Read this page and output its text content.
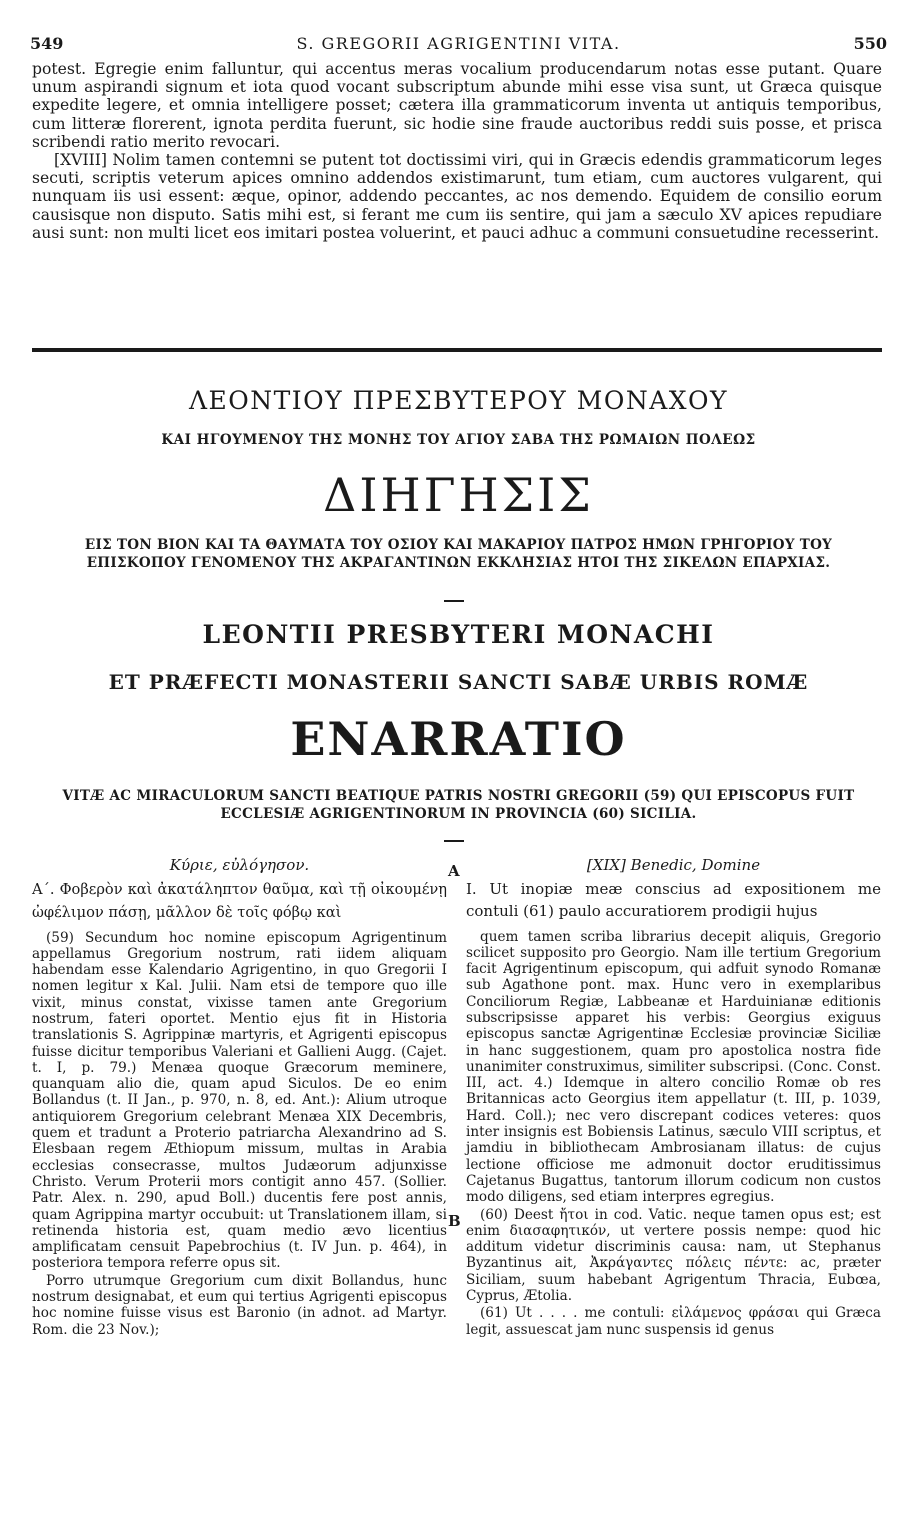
549	S. GREGORII AGRIGENTINI VITA.	550

potest. Egregie enim falluntur, qui accentus meras vocalium producendarum notas esse putant. Quare unum aspirandi signum et iota quod vocant subscriptum abunde mihi esse visa sunt, ut Græca quisque expedite legere, et omnia intelligere posset; cætera illa grammaticorum inventa ut antiquis temporibus, cum litteræ florerent, ignota perdita fuerunt, sic hodie sine fraude auctoribus reddi suis posse, et prisca scribendi ratio merito revocari.

[XVIII] Nolim tamen contemni se putent tot doctissimi viri, qui in Græcis edendis grammaticorum leges secuti, scriptis veterum apices omnino addendos existimarunt, tum etiam, cum auctores vulgarent, qui nunquam iis usi essent: æque, opinor, addendo peccantes, ac nos demendo. Equidem de consilio eorum causisque non disputo. Satis mihi est, si ferant me cum iis sentire, qui jam a sæculo XV apices repudiare ausi sunt: non multi licet eos imitari postea voluerint, et pauci adhuc a communi consuetudine recesserint.

ΛΕΟΝΤΙΟΥ ΠΡΕΣΒΥΤΕΡΟΥ ΜΟΝΑΧΟΥ
ΚΑΙ ΗΓΟΥΜΕΝΟΥ ΤΗΣ ΜΟΝΗΣ ΤΟΥ ΑΓΙΟΥ ΣΑΒΑ ΤΗΣ ΡΩΜΑΙΩΝ ΠΟΛΕΩΣ
ΔΙΗΓΗΣΙΣ
ΕΙΣ ΤΟΝ ΒΙΟΝ ΚΑΙ ΤΑ ΘΑΥΜΑΤΑ ΤΟΥ ΟΣΙΟΥ ΚΑΙ ΜΑΚΑΡΙΟΥ ΠΑΤΡΟΣ ΗΜΩΝ ΓΡΗΓΟΡΙΟΥ ΤΟΥ
ΕΠΙΣΚΟΠΟΥ ΓΕΝΟΜΕΝΟΥ ΤΗΣ ΑΚΡΑΓΑΝΤΙΝΩΝ ΕΚΚΛΗΣΙΑΣ ΗΤΟΙ ΤΗΣ ΣΙΚΕΛΩΝ ΕΠΑΡΧΙΑΣ.
LEONTII PRESBYTERI MONACHI
ET PRÆFECTI MONASTERII SANCTI SABÆ URBIS ROMÆ
ENARRATIO
VITÆ AC MIRACULORUM SANCTI BEATIQUE PATRIS NOSTRI GREGORII (59) QUI EPISCOPUS FUIT
ECCLESIÆ AGRIGENTINORUM IN PROVINCIA (60) SICILIA.
A
B

Κύριε, εὐλόγησον.

Α΄. Φοβερὸν καὶ ἀκατάληπτον θαῦμα, καὶ τῇ οἰκουμένῃ ὠφέλιμον πάσῃ, μᾶλλον δὲ τοῖς φόβῳ καὶ

(59) Secundum hoc nomine episcopum Agrigentinum appellamus Gregorium nostrum, rati iidem aliquam habendam esse Kalendario Agrigentino, in quo Gregorii I nomen legitur x Kal. Julii. Nam etsi de tempore quo ille vixit, minus constat, vixisse tamen ante Gregorium nostrum, fateri oportet. Mentio ejus fit in Historia translationis S. Agrippinæ martyris, et Agrigenti episcopus fuisse dicitur temporibus Valeriani et Gallieni Augg. (Cajet. t. I, p. 79.) Menæa quoque Græcorum meminere, quanquam alio die, quam apud Siculos. De eo enim Bollandus (t. II Jan., p. 970, n. 8, ed. Ant.): Alium utroque antiquiorem Gregorium celebrant Menæa XIX Decembris, quem et tradunt a Proterio patriarcha Alexandrino ad S. Elesbaan regem Æthiopum missum, multas in Arabia ecclesias consecrasse, multos Judæorum adjunxisse Christo. Verum Proterii mors contigit anno 457. (Sollier. Patr. Alex. n. 290, apud Boll.) ducentis fere post annis, quam Agrippina martyr occubuit: ut Translationem illam, si retinenda historia est, quam medio ævo licentius amplificatam censuit Papebrochius (t. IV Jun. p. 464), in posteriora tempora referre opus sit.

Porro utrumque Gregorium cum dixit Bollandus, hunc nostrum designabat, et eum qui tertius Agrigenti episcopus hoc nomine fuisse visus est Baronio (in adnot. ad Martyr. Rom. die 23 Nov.);

[XIX] Benedic, Domine

I. Ut inopiæ meæ conscius ad expositionem me contuli (61) paulo accuratiorem prodigii hujus

quem tamen scriba librarius decepit aliquis, Gregorio scilicet supposito pro Georgio. Nam ille tertium Gregorium facit Agrigentinum episcopum, qui adfuit synodo Romanæ sub Agathone pont. max. Hunc vero in exemplaribus Conciliorum Regiæ, Labbeanæ et Harduinianæ editionis subscripsisse apparet his verbis: Georgius exiguus episcopus sanctæ Agrigentinæ Ecclesiæ provinciæ Siciliæ in hanc suggestionem, quam pro apostolica nostra fide unanimiter construximus, similiter subscripsi. (Conc. Const. III, act. 4.) Idemque in altero concilio Romæ ob res Britannicas acto Georgius item appellatur (t. III, p. 1039, Hard. Coll.); nec vero discrepant codices veteres: quos inter insignis est Bobiensis Latinus, sæculo VIII scriptus, et jamdiu in bibliothecam Ambrosianam illatus: de cujus lectione officiose me admonuit doctor eruditissimus Cajetanus Bugattus, tantorum illorum codicum non custos modo diligens, sed etiam interpres egregius.

(60) Deest ἤτοι in cod. Vatic. neque tamen opus est; est enim διασαφητικόν, ut vertere possis nempe: quod hic additum videtur discriminis causa: nam, ut Stephanus Byzantinus ait, Ἀκράγαντες πόλεις πέντε: ac, præter Siciliam, suum habebant Agrigentum Thracia, Eubœa, Cyprus, Ætolia.

(61) Ut . . . . me contuli: εἰλάμενος φράσαι qui Græca legit, assuescat jam nunc suspensis id genus
